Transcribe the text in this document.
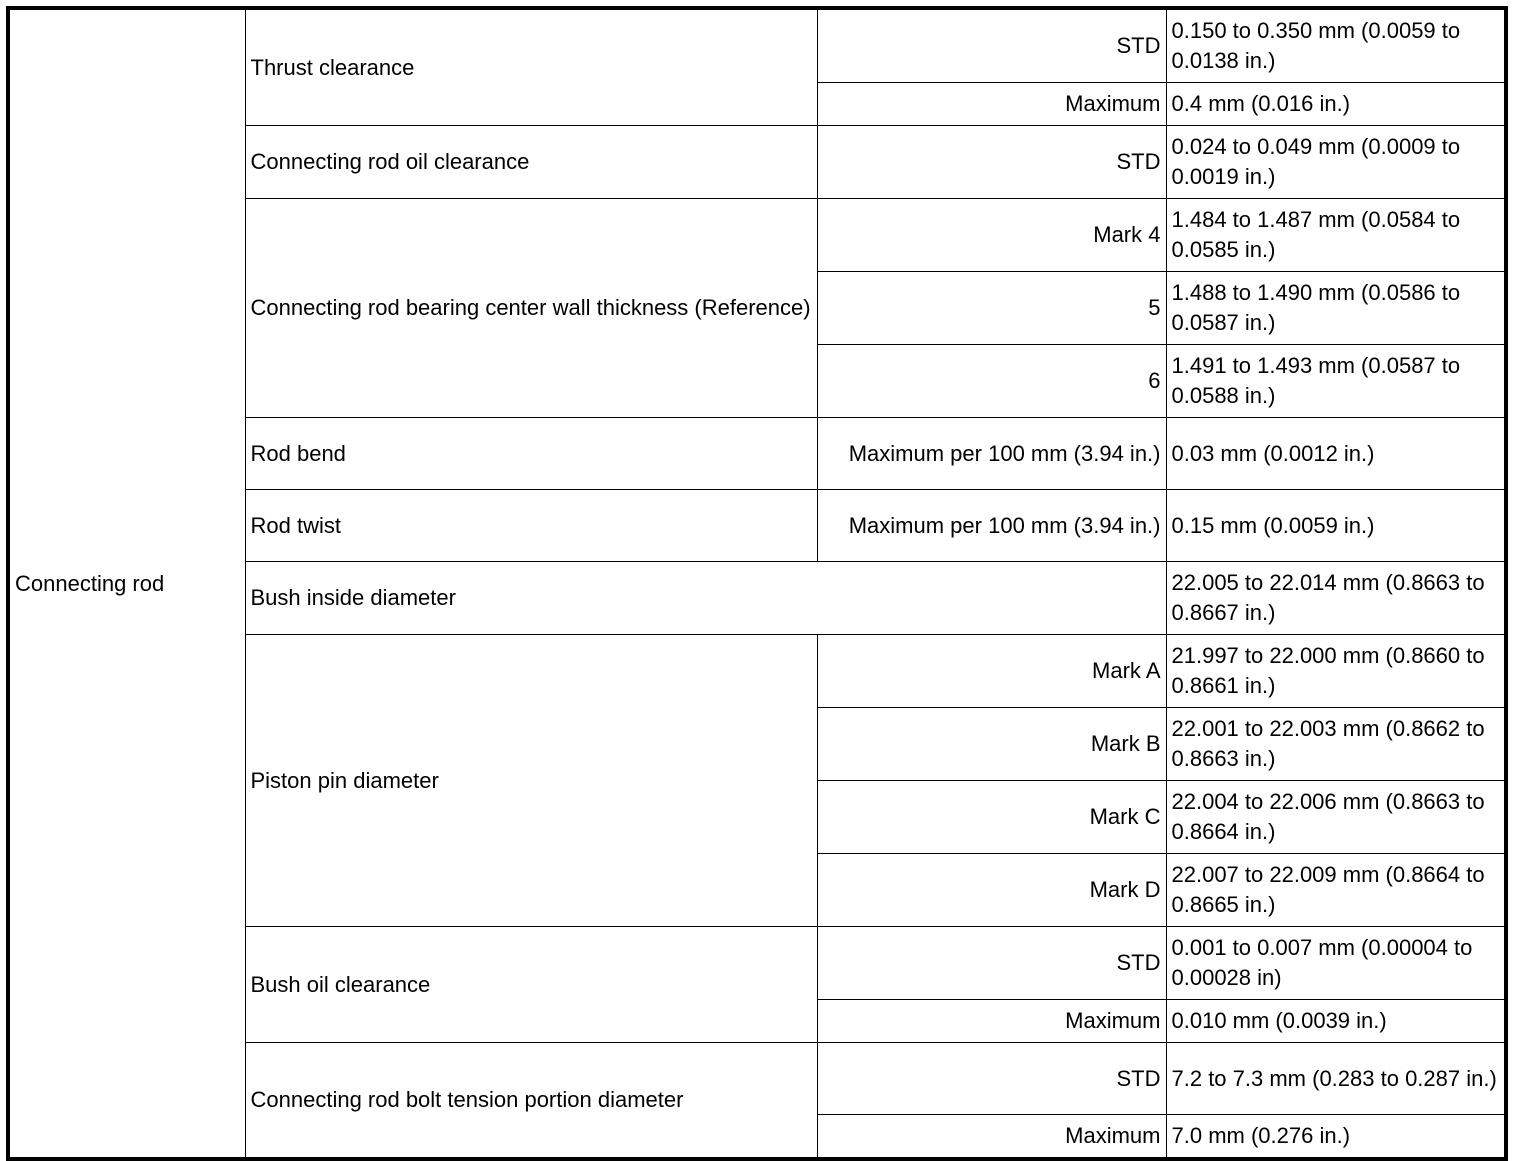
Connecting rod	Thrust clearance	STD	0.150 to 0.350 mm (0.0059 to 0.0138 in.)
		Maximum	0.4 mm (0.016 in.)
	Connecting rod oil clearance	STD	0.024 to 0.049 mm (0.0009 to 0.0019 in.)
	Connecting rod bearing center wall thickness (Reference)	Mark 4	1.484 to 1.487 mm (0.0584 to 0.0585 in.)
		5	1.488 to 1.490 mm (0.0586 to 0.0587 in.)
		6	1.491 to 1.493 mm (0.0587 to 0.0588 in.)
	Rod bend	Maximum per 100 mm (3.94 in.)	0.03 mm (0.0012 in.)
	Rod twist	Maximum per 100 mm (3.94 in.)	0.15 mm (0.0059 in.)
	Bush inside diameter		22.005 to 22.014 mm (0.8663 to 0.8667 in.)
	Piston pin diameter	Mark A	21.997 to 22.000 mm (0.8660 to 0.8661 in.)
		Mark B	22.001 to 22.003 mm (0.8662 to 0.8663 in.)
		Mark C	22.004 to 22.006 mm (0.8663 to 0.8664 in.)
		Mark D	22.007 to 22.009 mm (0.8664 to 0.8665 in.)
	Bush oil clearance	STD	0.001 to 0.007 mm (0.00004 to 0.00028 in)
		Maximum	0.010 mm (0.0039 in.)
	Connecting rod bolt tension portion diameter	STD	7.2 to 7.3 mm (0.283 to 0.287 in.)
		Maximum	7.0 mm (0.276 in.)
